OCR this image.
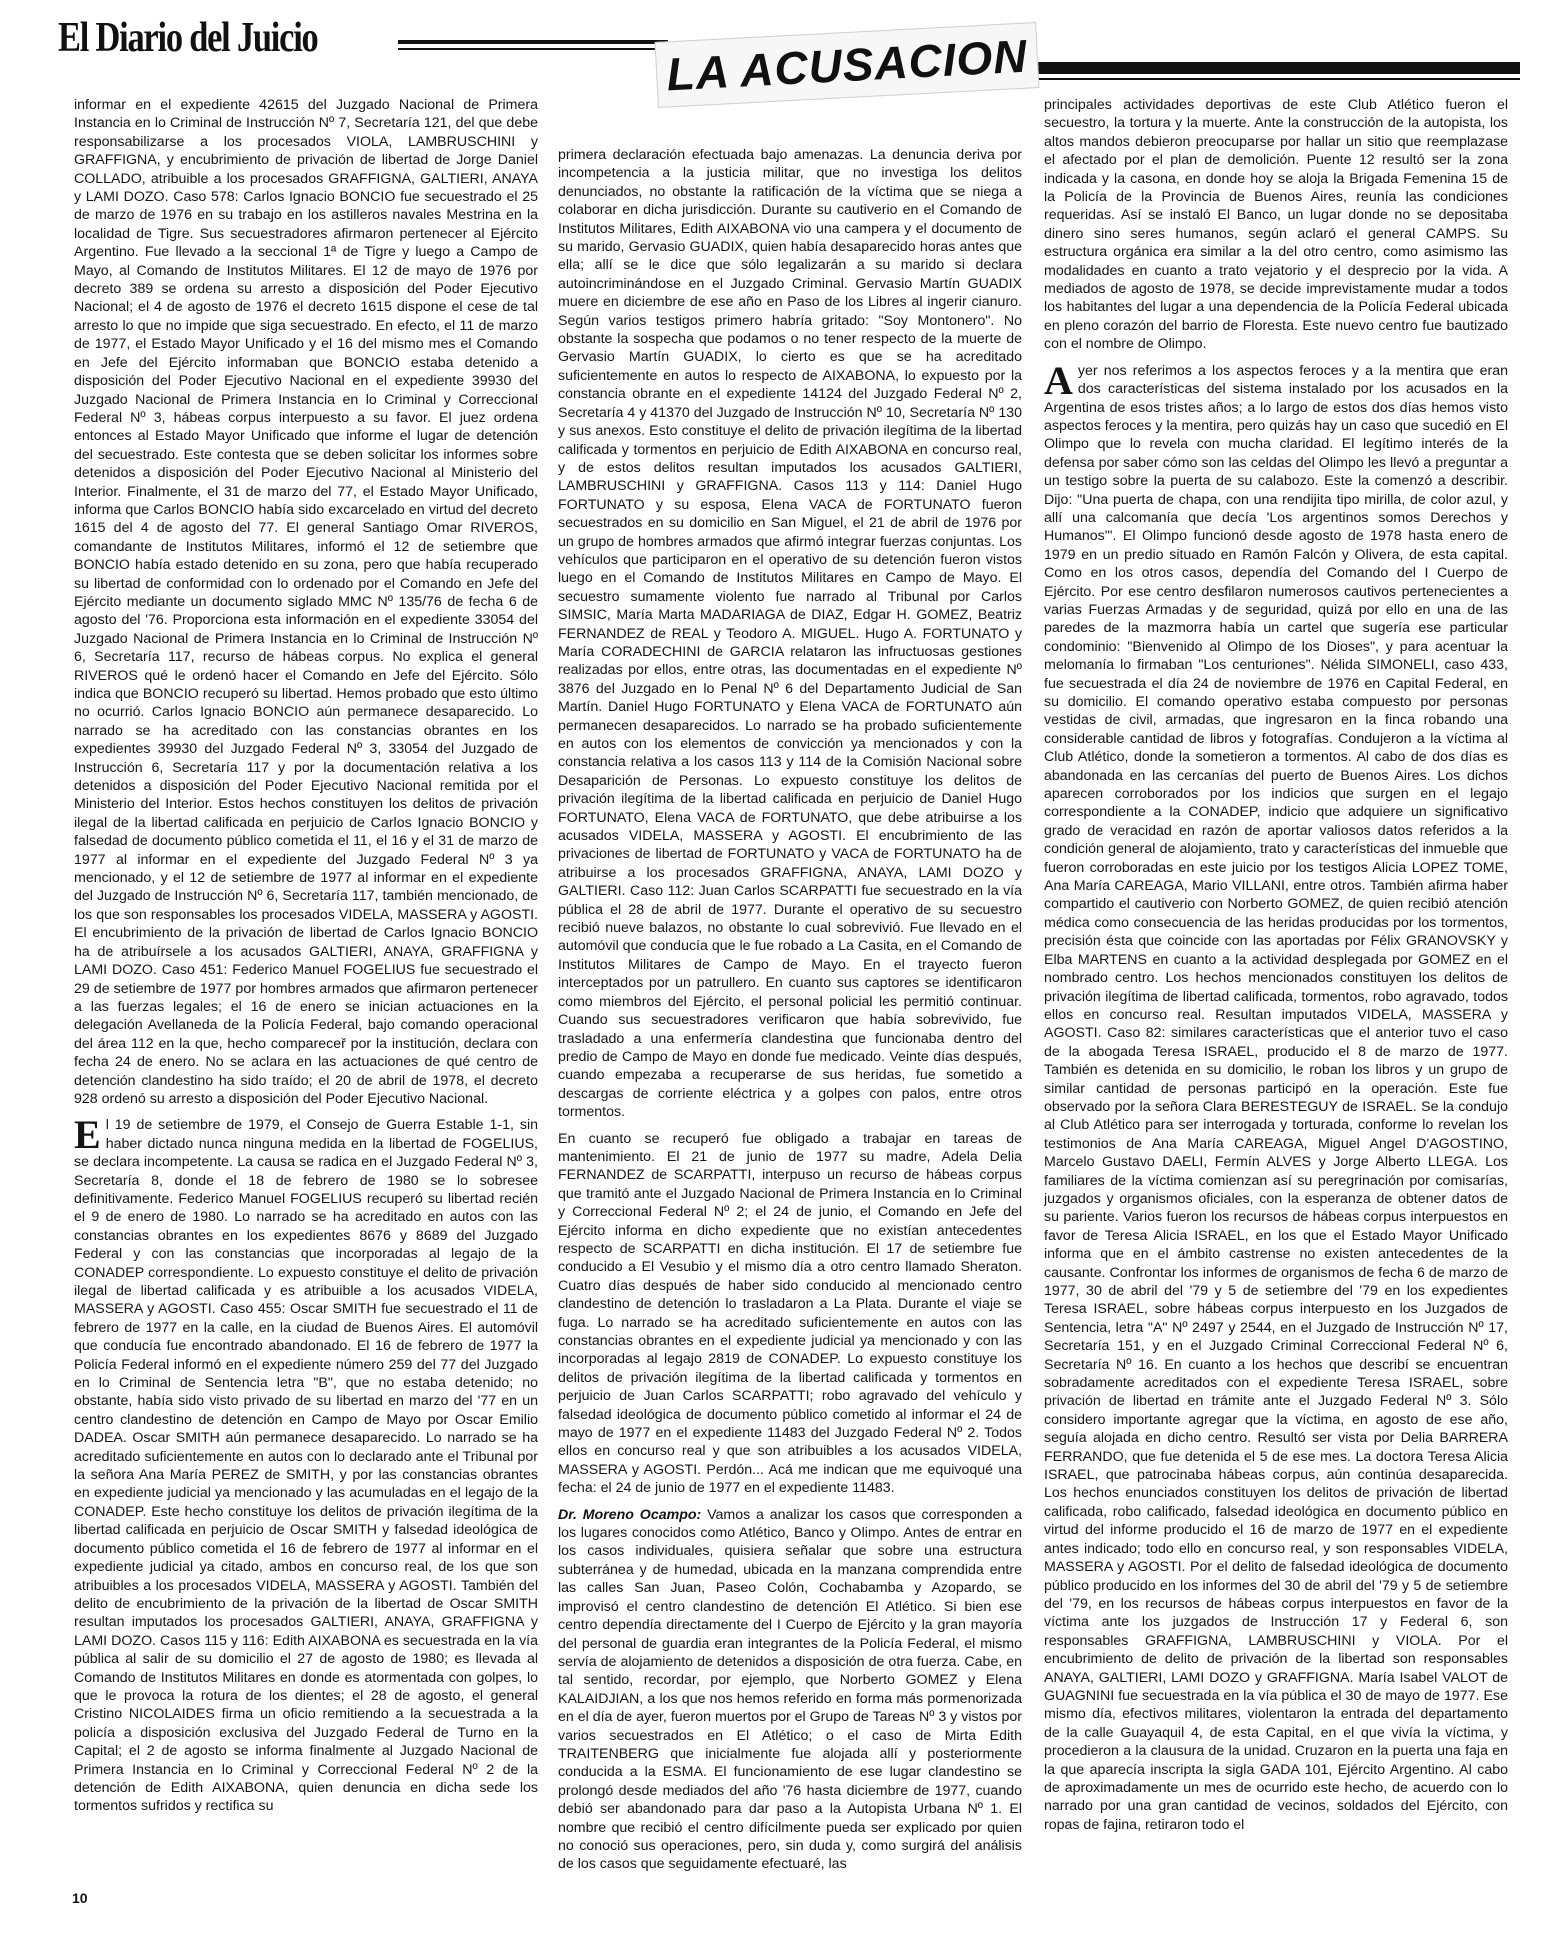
El Diario del Juicio	LA ACUSACION

informar en el expediente 42615 del Juzgado Nacional de Primera Instancia en lo Criminal de Instrucción Nº 7, Secretaría 121, del que debe responsabilizarse a los procesados VIOLA, LAMBRUSCHINI y GRAFFIGNA, y encubrimiento de privación de libertad de Jorge Daniel COLLADO, atribuible a los procesados GRAFFIGNA, GALTIERI, ANAYA y LAMI DOZO. Caso 578: Carlos Ignacio BONCIO fue secuestrado el 25 de marzo de 1976 en su trabajo en los astilleros navales Mestrina en la localidad de Tigre. Sus secuestradores afirmaron pertenecer al Ejército Argentino. Fue llevado a la seccional 1ª de Tigre y luego a Campo de Mayo, al Comando de Institutos Militares. El 12 de mayo de 1976 por decreto 389 se ordena su arresto a disposición del Poder Ejecutivo Nacional; el 4 de agosto de 1976 el decreto 1615 dispone el cese de tal arresto lo que no impide que siga secuestrado. En efecto, el 11 de marzo de 1977, el Estado Mayor Unificado y el 16 del mismo mes el Comando en Jefe del Ejército informaban que BONCIO estaba detenido a disposición del Poder Ejecutivo Nacional en el expediente 39930 del Juzgado Nacional de Primera Instancia en lo Criminal y Correccional Federal Nº 3, hábeas corpus interpuesto a su favor. El juez ordena entonces al Estado Mayor Unificado que informe el lugar de detención del secuestrado. Este contesta que se deben solicitar los informes sobre detenidos a disposición del Poder Ejecutivo Nacional al Ministerio del Interior. Finalmente, el 31 de marzo del 77, el Estado Mayor Unificado, informa que Carlos BONCIO había sido excarcelado en virtud del decreto 1615 del 4 de agosto del 77. El general Santiago Omar RIVEROS, comandante de Institutos Militares, informó el 12 de setiembre que BONCIO había estado detenido en su zona, pero que había recuperado su libertad de conformidad con lo ordenado por el Comando en Jefe del Ejército mediante un documento siglado MMC Nº 135/76 de fecha 6 de agosto del '76. Proporciona esta información en el expediente 33054 del Juzgado Nacional de Primera Instancia en lo Criminal de Instrucción Nº 6, Secretaría 117, recurso de hábeas corpus. No explica el general RIVEROS qué le ordenó hacer el Comando en Jefe del Ejército. Sólo indica que BONCIO recuperó su libertad. Hemos probado que esto último no ocurrió. Carlos Ignacio BONCIO aún permanece desaparecido. Lo narrado se ha acreditado con las constancias obrantes en los expedientes 39930 del Juzgado Federal Nº 3, 33054 del Juzgado de Instrucción 6, Secretaría 117 y por la documentación relativa a los detenidos a disposición del Poder Ejecutivo Nacional remitida por el Ministerio del Interior. Estos hechos constituyen los delitos de privación ilegal de la libertad calificada en perjuicio de Carlos Ignacio BONCIO y falsedad de documento público cometida el 11, el 16 y el 31 de marzo de 1977 al informar en el expediente del Juzgado Federal Nº 3 ya mencionado, y el 12 de setiembre de 1977 al informar en el expediente del Juzgado de Instrucción Nº 6, Secretaría 117, también mencionado, de los que son responsables los procesados VIDELA, MASSERA y AGOSTI. El encubrimiento de la privación de libertad de Carlos Ignacio BONCIO ha de atribuírsele a los acusados GALTIERI, ANAYA, GRAFFIGNA y LAMI DOZO. Caso 451: Federico Manuel FOGELIUS fue secuestrado el 29 de setiembre de 1977 por hombres armados que afirmaron pertenecer a las fuerzas legales; el 16 de enero se inician actuaciones en la delegación Avellaneda de la Policía Federal, bajo comando operacional del área 112 en la que, hecho compareceř por la institución, declara con fecha 24 de enero. No se aclara en las actuaciones de qué centro de detención clandestino ha sido traído; el 20 de abril de 1978, el decreto 928 ordenó su arresto a disposición del Poder Ejecutivo Nacional.

El 19 de setiembre de 1979, el Consejo de Guerra Estable 1-1, sin haber dictado nunca ninguna medida en la libertad de FOGELIUS, se declara incompetente. La causa se radica en el Juzgado Federal Nº 3, Secretaría 8, donde el 18 de febrero de 1980 se lo sobresee definitivamente. Federico Manuel FOGELIUS recuperó su libertad recién el 9 de enero de 1980. Lo narrado se ha acreditado en autos con las constancias obrantes en los expedientes 8676 y 8689 del Juzgado Federal y con las constancias que incorporadas al legajo de la CONADEP correspondiente. Lo expuesto constituye el delito de privación ilegal de libertad calificada y es atribuible a los acusados VIDELA, MASSERA y AGOSTI. Caso 455: Oscar SMITH fue secuestrado el 11 de febrero de 1977 en la calle, en la ciudad de Buenos Aires. El automóvil que conducía fue encontrado abandonado. El 16 de febrero de 1977 la Policía Federal informó en el expediente número 259 del 77 del Juzgado en lo Criminal de Sentencia letra "B", que no estaba detenido; no obstante, había sido visto privado de su libertad en marzo del '77 en un centro clandestino de detención en Campo de Mayo por Oscar Emilio DADEA. Oscar SMITH aún permanece desaparecido. Lo narrado se ha acreditado suficientemente en autos con lo declarado ante el Tribunal por la señora Ana María PEREZ de SMITH, y por las constancias obrantes en expediente judicial ya mencionado y las acumuladas en el legajo de la CONADEP. Este hecho constituye los delitos de privación ilegítima de la libertad calificada en perjuicio de Oscar SMITH y falsedad ideológica de documento público cometida el 16 de febrero de 1977 al informar en el expediente judicial ya citado, ambos en concurso real, de los que son atribuibles a los procesados VIDELA, MASSERA y AGOSTI. También del delito de encubrimiento de la privación de la libertad de Oscar SMITH resultan imputados los procesados GALTIERI, ANAYA, GRAFFIGNA y LAMI DOZO. Casos 115 y 116: Edith AIXABONA es secuestrada en la vía pública al salir de su domicilio el 27 de agosto de 1980; es llevada al Comando de Institutos Militares en donde es atormentada con golpes, lo que le provoca la rotura de los dientes; el 28 de agosto, el general Cristino NICOLAIDES firma un oficio remitiendo a la secuestrada a la policía a disposición exclusiva del Juzgado Federal de Turno en la Capital; el 2 de agosto se informa finalmente al Juzgado Nacional de Primera Instancia en lo Criminal y Correccional Federal Nº 2 de la detención de Edith AIXABONA, quien denuncia en dicha sede los tormentos sufridos y rectifica su

primera declaración efectuada bajo amenazas. La denuncia deriva por incompetencia a la justicia militar, que no investiga los delitos denunciados, no obstante la ratificación de la víctima que se niega a colaborar en dicha jurisdicción. Durante su cautiverio en el Comando de Institutos Militares, Edith AIXABONA vio una campera y el documento de su marido, Gervasio GUADIX, quien había desaparecido horas antes que ella; allí se le dice que sólo legalizarán a su marido si declara autoincriminándose en el Juzgado Criminal. Gervasio Martín GUADIX muere en diciembre de ese año en Paso de los Libres al ingerir cianuro. Según varios testigos primero habría gritado: "Soy Montonero". No obstante la sospecha que podamos o no tener respecto de la muerte de Gervasio Martín GUADIX, lo cierto es que se ha acreditado suficientemente en autos lo respecto de AIXABONA, lo expuesto por la constancia obrante en el expediente 14124 del Juzgado Federal Nº 2, Secretaría 4 y 41370 del Juzgado de Instrucción Nº 10, Secretaría Nº 130 y sus anexos. Esto constituye el delito de privación ilegítima de la libertad calificada y tormentos en perjuicio de Edith AIXABONA en concurso real, y de estos delitos resultan imputados los acusados GALTIERI, LAMBRUSCHINI y GRAFFIGNA. Casos 113 y 114: Daniel Hugo FORTUNATO y su esposa, Elena VACA de FORTUNATO fueron secuestrados en su domicilio en San Miguel, el 21 de abril de 1976 por un grupo de hombres armados que afirmó integrar fuerzas conjuntas. Los vehículos que participaron en el operativo de su detención fueron vistos luego en el Comando de Institutos Militares en Campo de Mayo. El secuestro sumamente violento fue narrado al Tribunal por Carlos SIMSIC, María Marta MADARIAGA de DIAZ, Edgar H. GOMEZ, Beatriz FERNANDEZ de REAL y Teodoro A. MIGUEL. Hugo A. FORTUNATO y María CORADECHINI de GARCIA relataron las infructuosas gestiones realizadas por ellos, entre otras, las documentadas en el expediente Nº 3876 del Juzgado en lo Penal Nº 6 del Departamento Judicial de San Martín. Daniel Hugo FORTUNATO y Elena VACA de FORTUNATO aún permanecen desaparecidos. Lo narrado se ha probado suficientemente en autos con los elementos de convicción ya mencionados y con la constancia relativa a los casos 113 y 114 de la Comisión Nacional sobre Desaparición de Personas. Lo expuesto constituye los delitos de privación ilegítima de la libertad calificada en perjuicio de Daniel Hugo FORTUNATO, Elena VACA de FORTUNATO, que debe atribuirse a los acusados VIDELA, MASSERA y AGOSTI. El encubrimiento de las privaciones de libertad de FORTUNATO y VACA de FORTUNATO ha de atribuirse a los procesados GRAFFIGNA, ANAYA, LAMI DOZO y GALTIERI. Caso 112: Juan Carlos SCARPATTI fue secuestrado en la vía pública el 28 de abril de 1977. Durante el operativo de su secuestro recibió nueve balazos, no obstante lo cual sobrevivió. Fue llevado en el automóvil que conducía que le fue robado a La Casita, en el Comando de Institutos Militares de Campo de Mayo. En el trayecto fueron interceptados por un patrullero. En cuanto sus captores se identificaron como miembros del Ejército, el personal policial les permitió continuar. Cuando sus secuestradores verificaron que había sobrevivido, fue trasladado a una enfermería clandestina que funcionaba dentro del predio de Campo de Mayo en donde fue medicado. Veinte días después, cuando empezaba a recuperarse de sus heridas, fue sometido a descargas de corriente eléctrica y a golpes con palos, entre otros tormentos.

En cuanto se recuperó fue obligado a trabajar en tareas de mantenimiento. El 21 de junio de 1977 su madre, Adela Delia FERNANDEZ de SCARPATTI, interpuso un recurso de hábeas corpus que tramitó ante el Juzgado Nacional de Primera Instancia en lo Criminal y Correccional Federal Nº 2; el 24 de junio, el Comando en Jefe del Ejército informa en dicho expediente que no existían antecedentes respecto de SCARPATTI en dicha institución. El 17 de setiembre fue conducido a El Vesubio y el mismo día a otro centro llamado Sheraton. Cuatro días después de haber sido conducido al mencionado centro clandestino de detención lo trasladaron a La Plata. Durante el viaje se fuga. Lo narrado se ha acreditado suficientemente en autos con las constancias obrantes en el expediente judicial ya mencionado y con las incorporadas al legajo 2819 de CONADEP. Lo expuesto constituye los delitos de privación ilegítima de la libertad calificada y tormentos en perjuicio de Juan Carlos SCARPATTI; robo agravado del vehículo y falsedad ideológica de documento público cometido al informar el 24 de mayo de 1977 en el expediente 11483 del Juzgado Federal Nº 2. Todos ellos en concurso real y que son atribuibles a los acusados VIDELA, MASSERA y AGOSTI. Perdón... Acá me indican que me equivoqué una fecha: el 24 de junio de 1977 en el expediente 11483.

Dr. Moreno Ocampo: Vamos a analizar los casos que corresponden a los lugares conocidos como Atlético, Banco y Olimpo. Antes de entrar en los casos individuales, quisiera señalar que sobre una estructura subterránea y de humedad, ubicada en la manzana comprendida entre las calles San Juan, Paseo Colón, Cochabamba y Azopardo, se improvisó el centro clandestino de detención El Atlético. Si bien ese centro dependía directamente del I Cuerpo de Ejército y la gran mayoría del personal de guardia eran integrantes de la Policía Federal, el mismo servía de alojamiento de detenidos a disposición de otra fuerza. Cabe, en tal sentido, recordar, por ejemplo, que Norberto GOMEZ y Elena KALAIDJIAN, a los que nos hemos referido en forma más pormenorizada en el día de ayer, fueron muertos por el Grupo de Tareas Nº 3 y vistos por varios secuestrados en El Atlético; o el caso de Mirta Edith TRAITENBERG que inicialmente fue alojada allí y posteriormente conducida a la ESMA. El funcionamiento de ese lugar clandestino se prolongó desde mediados del año '76 hasta diciembre de 1977, cuando debió ser abandonado para dar paso a la Autopista Urbana Nº 1. El nombre que recibió el centro difícilmente pueda ser explicado por quien no conoció sus operaciones, pero, sin duda y, como surgirá del análisis de los casos que seguidamente efectuaré, las

principales actividades deportivas de este Club Atlético fueron el secuestro, la tortura y la muerte. Ante la construcción de la autopista, los altos mandos debieron preocuparse por hallar un sitio que reemplazase el afectado por el plan de demolición. Puente 12 resultó ser la zona indicada y la casona, en donde hoy se aloja la Brigada Femenina 15 de la Policía de la Provincia de Buenos Aires, reunía las condiciones requeridas. Así se instaló El Banco, un lugar donde no se depositaba dinero sino seres humanos, según aclaró el general CAMPS. Su estructura orgánica era similar a la del otro centro, como asimismo las modalidades en cuanto a trato vejatorio y el desprecio por la vida. A mediados de agosto de 1978, se decide imprevistamente mudar a todos los habitantes del lugar a una dependencia de la Policía Federal ubicada en pleno corazón del barrio de Floresta. Este nuevo centro fue bautizado con el nombre de Olimpo.

Ayer nos referimos a los aspectos feroces y a la mentira que eran dos características del sistema instalado por los acusados en la Argentina de esos tristes años; a lo largo de estos dos días hemos visto aspectos feroces y la mentira, pero quizás hay un caso que sucedió en El Olimpo que lo revela con mucha claridad. El legítimo interés de la defensa por saber cómo son las celdas del Olimpo les llevó a preguntar a un testigo sobre la puerta de su calabozo. Este la comenzó a describir. Dijo: "Una puerta de chapa, con una rendijita tipo mirilla, de color azul, y allí una calcomanía que decía 'Los argentinos somos Derechos y Humanos'". El Olimpo funcionó desde agosto de 1978 hasta enero de 1979 en un predio situado en Ramón Falcón y Olivera, de esta capital. Como en los otros casos, dependía del Comando del I Cuerpo de Ejército. Por ese centro desfilaron numerosos cautivos pertenecientes a varias Fuerzas Armadas y de seguridad, quizá por ello en una de las paredes de la mazmorra había un cartel que sugería ese particular condominio: "Bienvenido al Olimpo de los Dioses", y para acentuar la melomanía lo firmaban "Los centuriones". Nélida SIMONELI, caso 433, fue secuestrada el día 24 de noviembre de 1976 en Capital Federal, en su domicilio. El comando operativo estaba compuesto por personas vestidas de civil, armadas, que ingresaron en la finca robando una considerable cantidad de libros y fotografías. Condujeron a la víctima al Club Atlético, donde la sometieron a tormentos. Al cabo de dos días es abandonada en las cercanías del puerto de Buenos Aires. Los dichos aparecen corroborados por los indicios que surgen en el legajo correspondiente a la CONADEP, indicio que adquiere un significativo grado de veracidad en razón de aportar valiosos datos referidos a la condición general de alojamiento, trato y características del inmueble que fueron corroboradas en este juicio por los testigos Alicia LOPEZ TOME, Ana María CAREAGA, Mario VILLANI, entre otros. También afirma haber compartido el cautiverio con Norberto GOMEZ, de quien recibió atención médica como consecuencia de las heridas producidas por los tormentos, precisión ésta que coincide con las aportadas por Félix GRANOVSKY y Elba MARTENS en cuanto a la actividad desplegada por GOMEZ en el nombrado centro. Los hechos mencionados constituyen los delitos de privación ilegítima de libertad calificada, tormentos, robo agravado, todos ellos en concurso real. Resultan imputados VIDELA, MASSERA y AGOSTI. Caso 82: similares características que el anterior tuvo el caso de la abogada Teresa ISRAEL, producido el 8 de marzo de 1977. También es detenida en su domicilio, le roban los libros y un grupo de similar cantidad de personas participó en la operación. Este fue observado por la señora Clara BERESTEGUY de ISRAEL. Se la condujo al Club Atlético para ser interrogada y torturada, conforme lo revelan los testimonios de Ana María CAREAGA, Miguel Angel D'AGOSTINO, Marcelo Gustavo DAELI, Fermín ALVES y Jorge Alberto LLEGA. Los familiares de la víctima comienzan así su peregrinación por comisarías, juzgados y organismos oficiales, con la esperanza de obtener datos de su pariente. Varios fueron los recursos de hábeas corpus interpuestos en favor de Teresa Alicia ISRAEL, en los que el Estado Mayor Unificado informa que en el ámbito castrense no existen antecedentes de la causante. Confrontar los informes de organismos de fecha 6 de marzo de 1977, 30 de abril del '79 y 5 de setiembre del '79 en los expedientes Teresa ISRAEL, sobre hábeas corpus interpuesto en los Juzgados de Sentencia, letra "A" Nº 2497 y 2544, en el Juzgado de Instrucción Nº 17, Secretaría 151, y en el Juzgado Criminal Correccional Federal Nº 6, Secretaría Nº 16. En cuanto a los hechos que describí se encuentran sobradamente acreditados con el expediente Teresa ISRAEL, sobre privación de libertad en trámite ante el Juzgado Federal Nº 3. Sólo considero importante agregar que la víctima, en agosto de ese año, seguía alojada en dicho centro. Resultó ser vista por Delia BARRERA FERRANDO, que fue detenida el 5 de ese mes. La doctora Teresa Alicia ISRAEL, que patrocinaba hábeas corpus, aún continúa desaparecida. Los hechos enunciados constituyen los delitos de privación de libertad calificada, robo calificado, falsedad ideológica en documento público en virtud del informe producido el 16 de marzo de 1977 en el expediente antes indicado; todo ello en concurso real, y son responsables VIDELA, MASSERA y AGOSTI. Por el delito de falsedad ideológica de documento público producido en los informes del 30 de abril del '79 y 5 de setiembre del '79, en los recursos de hábeas corpus interpuestos en favor de la víctima ante los juzgados de Instrucción 17 y Federal 6, son responsables GRAFFIGNA, LAMBRUSCHINI y VIOLA. Por el encubrimiento de delito de privación de la libertad son responsables ANAYA, GALTIERI, LAMI DOZO y GRAFFIGNA. María Isabel VALOT de GUAGNINI fue secuestrada en la vía pública el 30 de mayo de 1977. Ese mismo día, efectivos militares, violentaron la entrada del departamento de la calle Guayaquil 4, de esta Capital, en el que vivía la víctima, y procedieron a la clausura de la unidad. Cruzaron en la puerta una faja en la que aparecía inscripta la sigla GADA 101, Ejército Argentino. Al cabo de aproximadamente un mes de ocurrido este hecho, de acuerdo con lo narrado por una gran cantidad de vecinos, soldados del Ejército, con ropas de fajina, retiraron todo el

10
